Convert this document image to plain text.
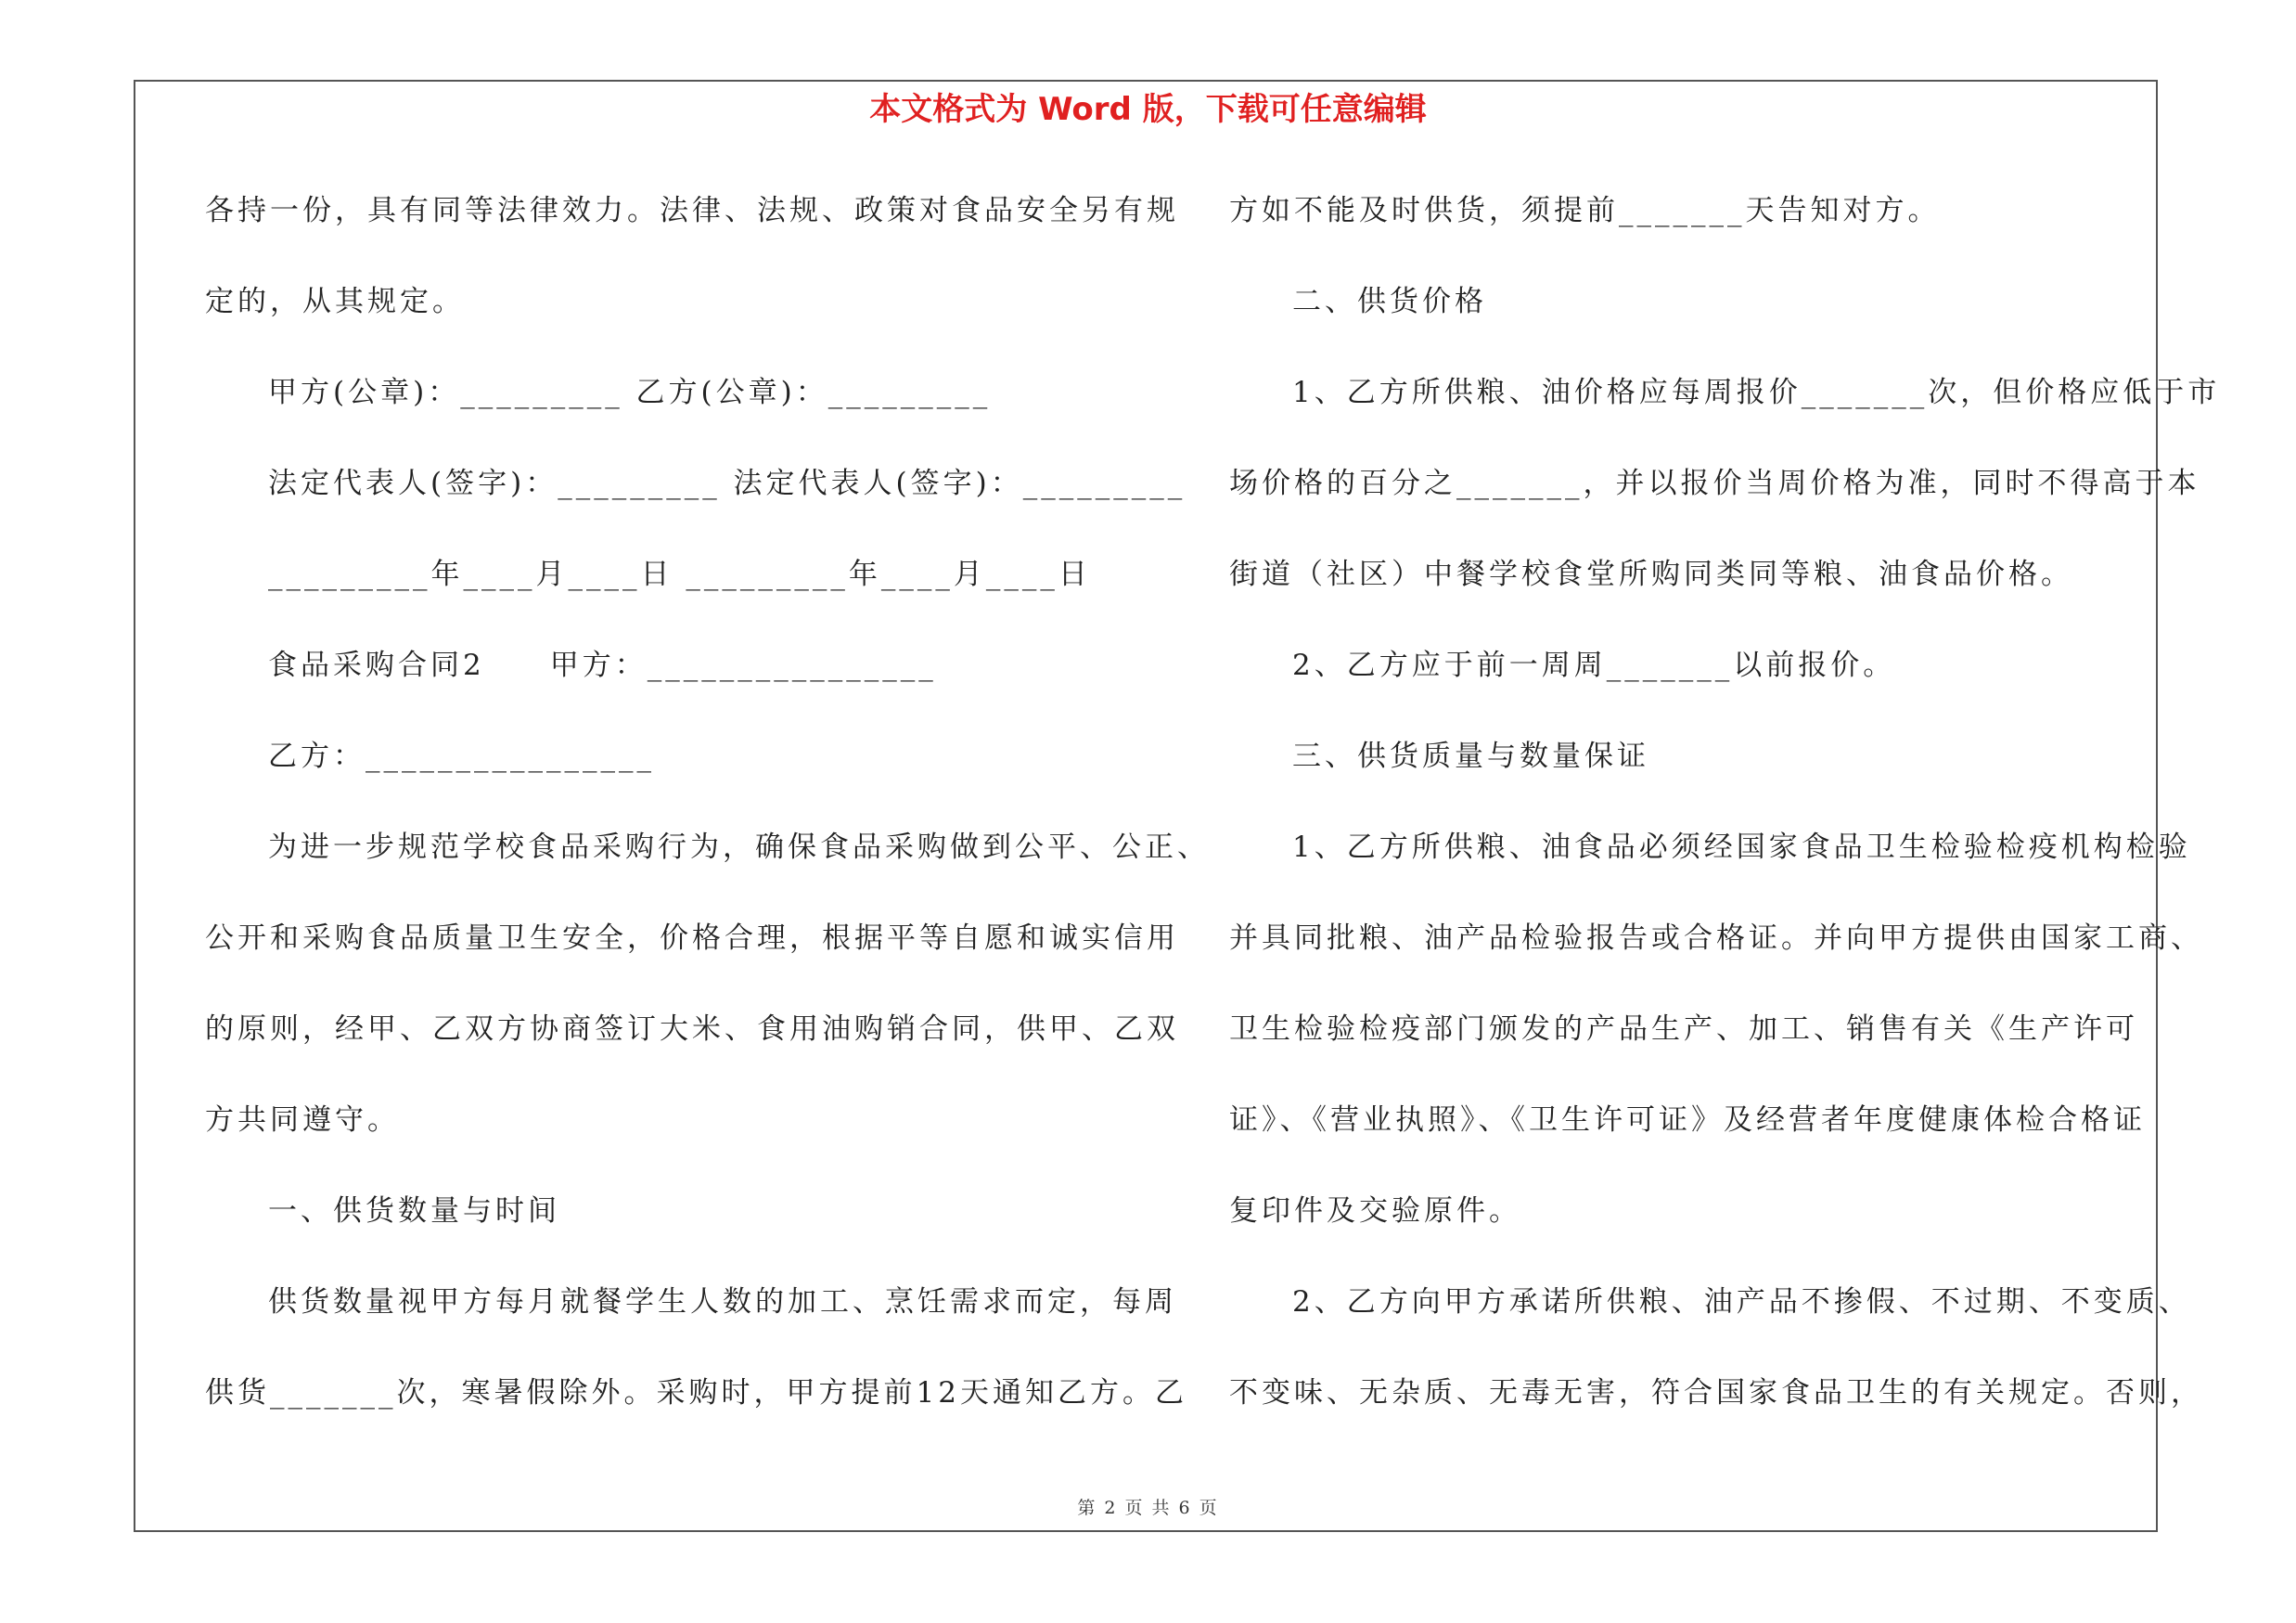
本文格式为 Word 版，下载可任意编辑
各持一份，具有同等法律效力。法律、法规、政策对食品安全另有规
定的，从其规定。
甲方(公章)：_________ 乙方(公章)：_________
法定代表人(签字)：_________ 法定代表人(签字)：_________
_________年____月____日 _________年____月____日
食品采购合同2　　甲方：________________
乙方：________________
为进一步规范学校食品采购行为，确保食品采购做到公平、公正、
公开和采购食品质量卫生安全，价格合理，根据平等自愿和诚实信用
的原则，经甲、乙双方协商签订大米、食用油购销合同，供甲、乙双
方共同遵守。
一、供货数量与时间
供货数量视甲方每月就餐学生人数的加工、烹饪需求而定，每周
供货_______次，寒暑假除外。采购时，甲方提前12天通知乙方。乙
方如不能及时供货，须提前_______天告知对方。
二、供货价格
1、乙方所供粮、油价格应每周报价_______次，但价格应低于市
场价格的百分之_______，并以报价当周价格为准，同时不得高于本
街道（社区）中餐学校食堂所购同类同等粮、油食品价格。
2、乙方应于前一周周_______以前报价。
三、供货质量与数量保证
1、乙方所供粮、油食品必须经国家食品卫生检验检疫机构检验
并具同批粮、油产品检验报告或合格证。并向甲方提供由国家工商、
卫生检验检疫部门颁发的产品生产、加工、销售有关《生产许可
证》、《营业执照》、《卫生许可证》及经营者年度健康体检合格证
复印件及交验原件。
2、乙方向甲方承诺所供粮、油产品不掺假、不过期、不变质、
不变味、无杂质、无毒无害，符合国家食品卫生的有关规定。否则，
第 2 页 共 6 页
